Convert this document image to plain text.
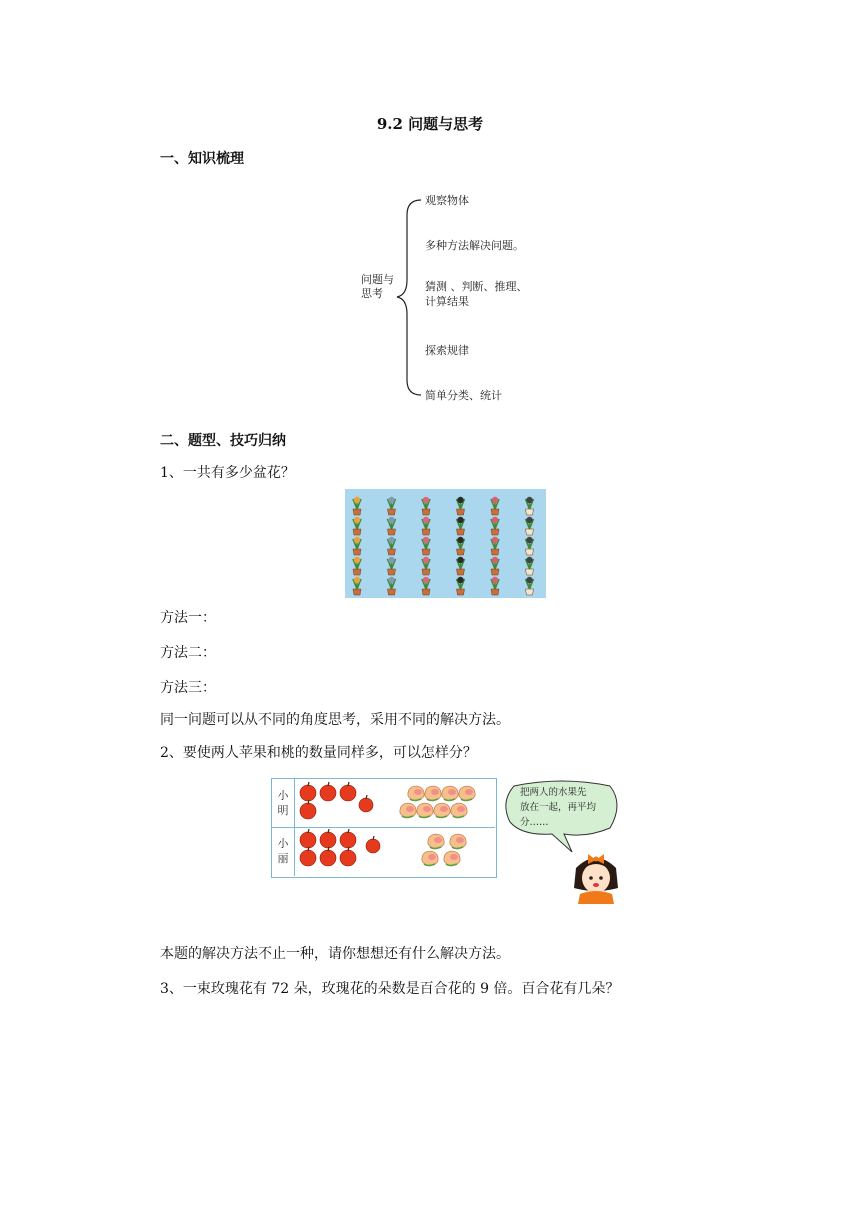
9.2 问题与思考
一、知识梳理
问题与
思考
观察物体
多种方法解决问题。
猜测 、判断、推理、
计算结果
探索规律
简单分类、统计
二、题型、技巧归纳
1、一共有多少盆花？
方法一：
方法二：
方法三：
同一问题可以从不同的角度思考，采用不同的解决方法。
2、要使两人苹果和桃的数量同样多，可以怎样分？
小
明
小
丽
把两人的水果先
放在一起，再平均
分……
本题的解决方法不止一种，请你想想还有什么解决方法。
3、一束玫瑰花有 72 朵，玫瑰花的朵数是百合花的 9 倍。百合花有几朵？
